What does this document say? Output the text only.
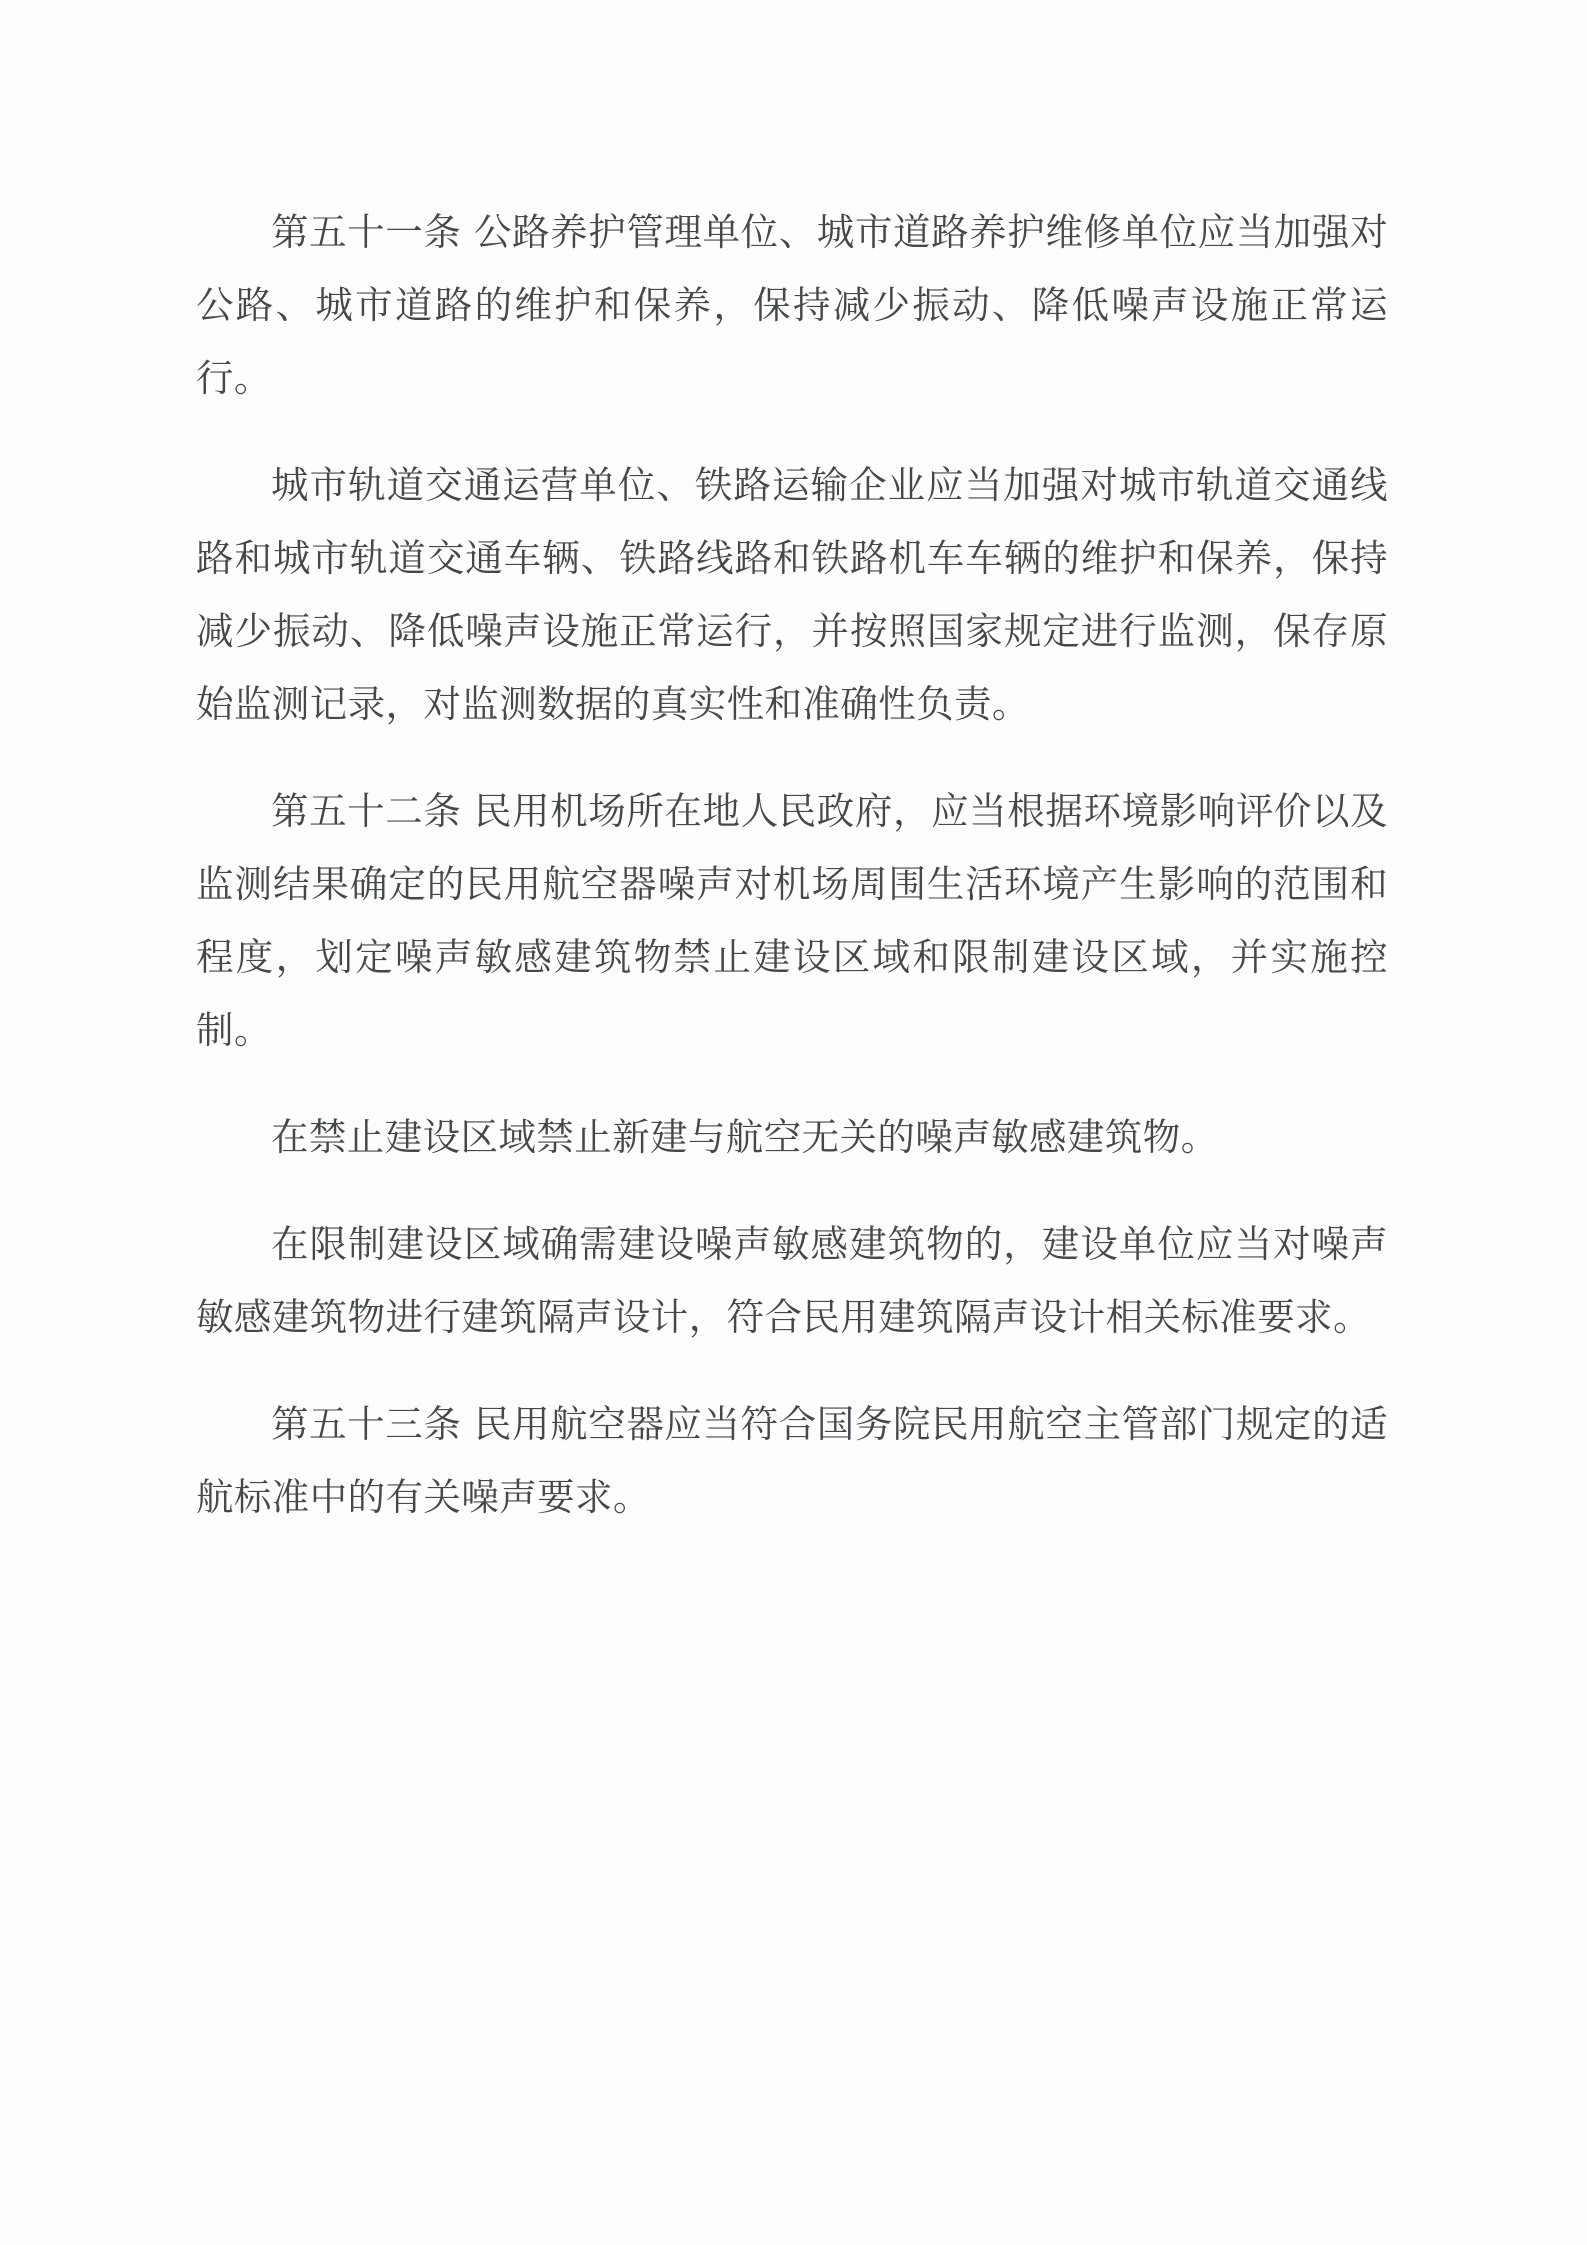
第五十一条 公路养护管理单位、城市道路养护维修单位应当加强对公路、城市道路的维护和保养，保持减少振动、降低噪声设施正常运行。

城市轨道交通运营单位、铁路运输企业应当加强对城市轨道交通线路和城市轨道交通车辆、铁路线路和铁路机车车辆的维护和保养，保持减少振动、降低噪声设施正常运行，并按照国家规定进行监测，保存原始监测记录，对监测数据的真实性和准确性负责。

第五十二条 民用机场所在地人民政府，应当根据环境影响评价以及监测结果确定的民用航空器噪声对机场周围生活环境产生影响的范围和程度，划定噪声敏感建筑物禁止建设区域和限制建设区域，并实施控制。

在禁止建设区域禁止新建与航空无关的噪声敏感建筑物。

在限制建设区域确需建设噪声敏感建筑物的，建设单位应当对噪声敏感建筑物进行建筑隔声设计，符合民用建筑隔声设计相关标准要求。

第五十三条 民用航空器应当符合国务院民用航空主管部门规定的适航标准中的有关噪声要求。
